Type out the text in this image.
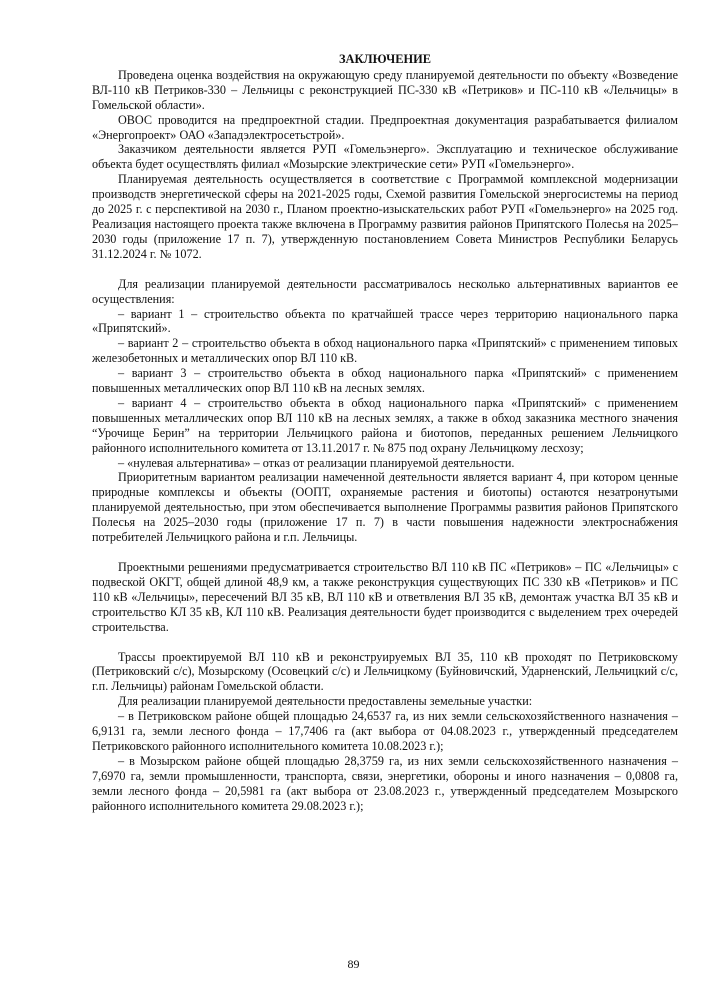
ЗАКЛЮЧЕНИЕ

Проведена оценка воздействия на окружающую среду планируемой деятельности по объекту «Возведение ВЛ-110 кВ Петриков-330 – Лельчицы с реконструкцией ПС-330 кВ «Петриков» и ПС-110 кВ «Лельчицы» в Гомельской области».

ОВОС проводится на предпроектной стадии. Предпроектная документация разрабатывается филиалом «Энергопроект» ОАО «Западэлектросетьстрой».

Заказчиком деятельности является РУП «Гомельэнерго». Эксплуатацию и техническое обслуживание объекта будет осуществлять филиал «Мозырские электрические сети» РУП «Гомельэнерго».

Планируемая деятельность осуществляется в соответствие с Программой комплексной модернизации производств энергетической сферы на 2021-2025 годы, Схемой развития Гомельской энергосистемы на период до 2025 г. с перспективой на 2030 г., Планом проектно-изыскательских работ РУП «Гомельэнерго» на 2025 год. Реализация настоящего проекта также включена в Программу развития районов Припятского Полесья на 2025–2030 годы (приложение 17 п. 7), утвержденную постановлением Совета Министров Республики Беларусь 31.12.2024 г. № 1072.

Для реализации планируемой деятельности рассматривалось несколько альтернативных вариантов ее осуществления:

– вариант 1 – строительство объекта по кратчайшей трассе через территорию национального парка «Припятский».

– вариант 2 – строительство объекта в обход национального парка «Припятский» с применением типовых железобетонных и металлических опор ВЛ 110 кВ.

– вариант 3 – строительство объекта в обход национального парка «Припятский» с применением повышенных металлических опор ВЛ 110 кВ на лесных землях.

– вариант 4 – строительство объекта в обход национального парка «Припятский» с применением повышенных металлических опор ВЛ 110 кВ на лесных землях, а также в обход заказника местного значения “Урочище Берин” на территории Лельчицкого района и биотопов, переданных решением Лельчицкого районного исполнительного комитета от 13.11.2017 г. № 875 под охрану Лельчицкому лесхозу;

– «нулевая альтернатива» – отказ от реализации планируемой деятельности.

Приоритетным вариантом реализации намеченной деятельности является вариант 4, при котором ценные природные комплексы и объекты (ООПТ, охраняемые растения и биотопы) остаются незатронутыми планируемой деятельностью, при этом обеспечивается выполнение Программы развития районов Припятского Полесья на 2025–2030 годы (приложение 17 п. 7) в части повышения надежности электроснабжения потребителей Лельчицкого района и г.п. Лельчицы.

Проектными решениями предусматривается строительство ВЛ 110 кВ ПС «Петриков» – ПС «Лельчицы» с подвеской ОКГТ, общей длиной 48,9 км, а также реконструкция существующих ПС 330 кВ «Петриков» и ПС 110 кВ «Лельчицы», пересечений ВЛ 35 кВ, ВЛ 110 кВ и ответвления ВЛ 35 кВ, демонтаж участка ВЛ 35 кВ и строительство КЛ 35 кВ, КЛ 110 кВ. Реализация деятельности будет производится с выделением трех очередей строительства.

Трассы проектируемой ВЛ 110 кВ и реконструируемых ВЛ 35, 110 кВ проходят по Петриковскому (Петриковский с/с), Мозырскому (Осовецкий с/с) и Лельчицкому (Буйновичский, Ударненский, Лельчицкий с/с, г.п. Лельчицы) районам Гомельской области.

Для реализации планируемой деятельности предоставлены земельные участки:

– в Петриковском районе общей площадью 24,6537 га, из них земли сельскохозяйственного назначения – 6,9131 га, земли лесного фонда – 17,7406 га (акт выбора от 04.08.2023 г., утвержденный председателем Петриковского районного исполнительного комитета 10.08.2023 г.);

– в Мозырском районе общей площадью 28,3759 га, из них земли сельскохозяйственного назначения –7,6970 га, земли промышленности, транспорта, связи, энергетики, обороны и иного назначения – 0,0808 га, земли лесного фонда – 20,5981 га (акт выбора от 23.08.2023 г., утвержденный председателем Мозырского районного исполнительного комитета 29.08.2023 г.);

89
